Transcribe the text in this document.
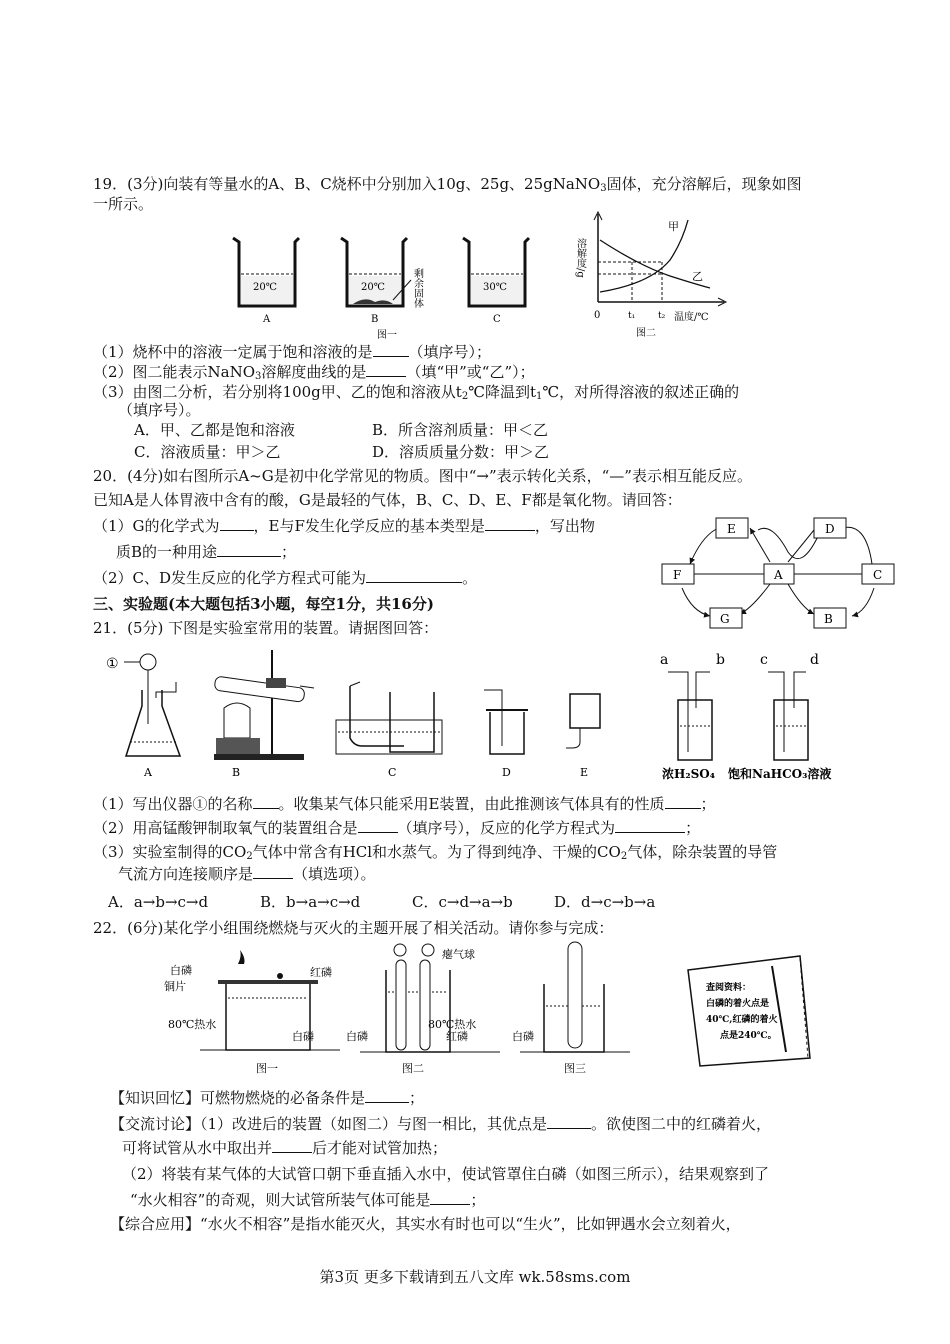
19．(3分)向装有等量水的A、B、C烧杯中分别加入10g、25g、25gNaNO$_3$固体，充分溶解后，现象如图
一所示。
20℃
A
20℃
B
剩余固体	30℃
C
图一
溶解度/g
甲
乙
0	t₁	t₂ 温度/℃
图二
（1）烧杯中的溶液一定属于饱和溶液的是 （填序号）；
（2）图二能表示NaNO$_3$溶解度曲线的是	（填“甲”或“乙”）；
（3）由图二分析，若分别将100g甲、乙的饱和溶液从$t_2℃$降温到$t_1℃$，对所得溶液的叙述正确的
（填序号）。
A．甲、乙都是饱和溶液	B．所含溶剂质量：甲＜乙
C．溶液质量：甲＞乙	D．溶质质量分数：甲＞乙
20．(4分)如右图所示A~G是初中化学常见的物质。图中“→”表示转化关系，“—”表示相互能反应。
已知A是人体胃液中含有的酸，G是最轻的气体，B、C、D、E、F都是氧化物。请回答：
（1）G的化学式为 ，E与F发生化学反应的基本类型是	，写出物
质B的一种用途	；
（2）C、D发生反应的化学方程式可能为	。
E	D
F	A	C
G	B
三、实验题(本大题包括3小题，每空1分，共16分)
21．(5分) 下图是实验室常用的装置。请据图回答：
①
A	B	C	D	E
a	b
浓H₂SO₄
c	d
饱和NaHCO₃溶液
（1）写出仪器①的名称 。收集某气体只能采用E装置，由此推测该气体具有的性质 ；
（2）用高锰酸钾制取氧气的装置组合是	（填序号），反应的化学方程式为	；
（3）实验室制得的$CO_2$气体中常含有HCl和水蒸气。为了得到纯净、干燥的$CO_2$气体，除杂装置的导管
气流方向连接顺序是	（填选项）。
A．a→b→c→d	B．b→a→c→d	C．c→d→a→b	D．d→c→b→a
22．(6分)某化学小组围绕燃烧与灭火的主题开展了相关活动。请你参与完成：
白磷
铜片
红磷
80℃热水
白磷
图一
瘪气球
80℃热水
白磷	红磷
图二
白磷
图三
查阅资料：
白磷的着火点是
40℃,红磷的着火
点是240℃。
【知识回忆】可燃物燃烧的必备条件是	；
【交流讨论】（1）改进后的装置（如图二）与图一相比，其优点是	。欲使图二中的红磷着火，
可将试管从水中取出并	后才能对试管加热；
（2）将装有某气体的大试管口朝下垂直插入水中，使试管罩住白磷（如图三所示），结果观察到了
“水火相容”的奇观，则大试管所装气体可能是	；
【综合应用】“水火不相容”是指水能灭火，其实水有时也可以“生火”，比如钾遇水会立刻着火，
第3页 更多下载请到五八文库 wk.58sms.com
